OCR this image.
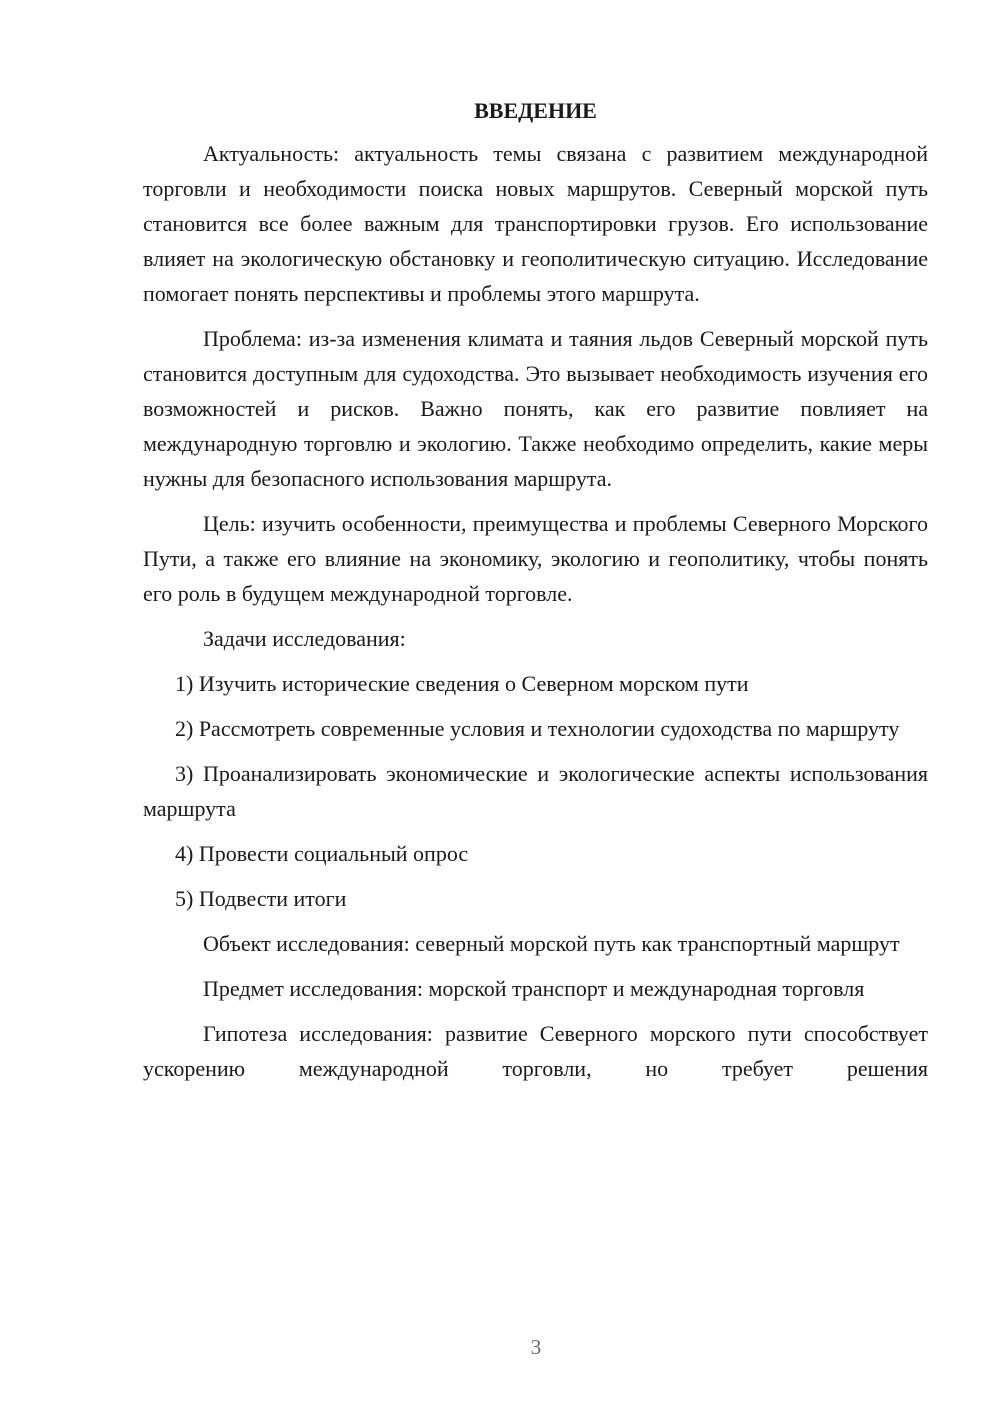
ВВЕДЕНИЕ

Актуальность: актуальность темы связана с развитием международной торговли и необходимости поиска новых маршрутов. Северный морской путь становится все более важным для транспортировки грузов. Его использование влияет на экологическую обстановку и геополитическую ситуацию. Исследование помогает понять перспективы и проблемы этого маршрута.

Проблема: из-за изменения климата и таяния льдов Северный морской путь становится доступным для судоходства. Это вызывает необходимость изучения его возможностей и рисков. Важно понять, как его развитие повлияет на международную торговлю и экологию. Также необходимо определить, какие меры нужны для безопасного использования маршрута.

Цель: изучить особенности, преимущества и проблемы Северного Морского Пути, а также его влияние на экономику, экологию и геополитику, чтобы понять его роль в будущем международной торговле.

Задачи исследования:

1) Изучить исторические сведения о Северном морском пути

2) Рассмотреть современные условия и технологии судоходства по маршруту

3) Проанализировать экономические и экологические аспекты использования маршрута

4) Провести социальный опрос

5) Подвести итоги

Объект исследования: северный морской путь как транспортный маршрут

Предмет исследования: морской транспорт и международная торговля

Гипотеза исследования: развитие Северного морского пути способствует ускорению международной торговли, но требует решения

3
